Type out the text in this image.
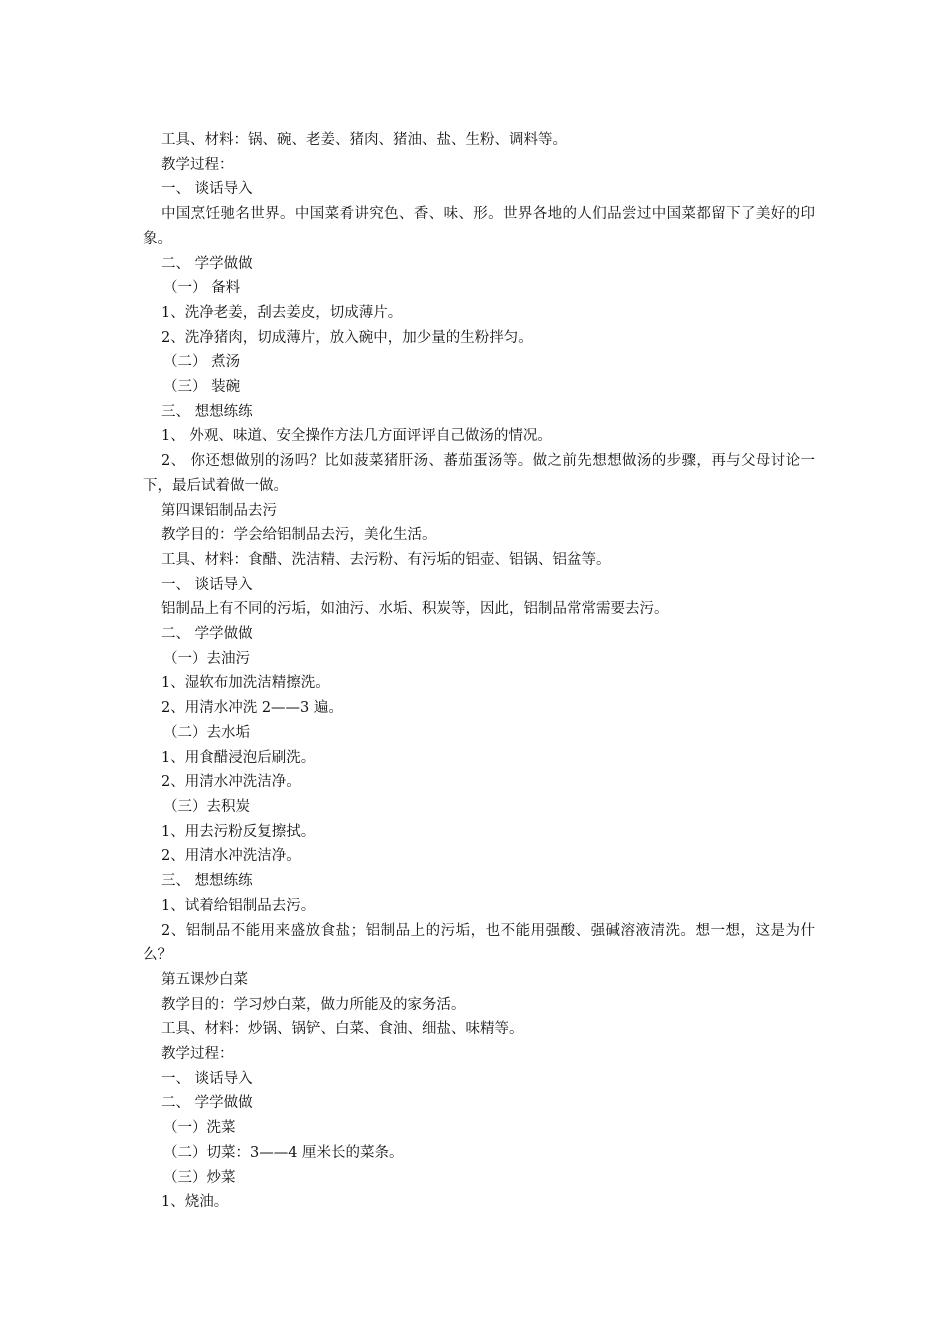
工具、材料：锅、碗、老姜、猪肉、猪油、盐、生粉、调料等。

教学过程：

一、 谈话导入

中国烹饪驰名世界。中国菜肴讲究色、香、味、形。世界各地的人们品尝过中国菜都留下了美好的印象。

二、 学学做做

（一） 备料

1、洗净老姜，刮去姜皮，切成薄片。

2、洗净猪肉，切成薄片，放入碗中，加少量的生粉拌匀。

（二） 煮汤

（三） 装碗

三、 想想练练

1、 外观、味道、安全操作方法几方面评评自己做汤的情况。

2、 你还想做别的汤吗？比如菠菜猪肝汤、蕃茄蛋汤等。做之前先想想做汤的步骤，再与父母讨论一下，最后试着做一做。

第四课铝制品去污

教学目的：学会给铝制品去污，美化生活。

工具、材料：食醋、洗洁精、去污粉、有污垢的铝壶、铝锅、铝盆等。

一、 谈话导入

铝制品上有不同的污垢，如油污、水垢、积炭等，因此，铝制品常常需要去污。

二、 学学做做

（一）去油污

1、湿软布加洗洁精擦洗。

2、用清水冲洗 2——3 遍。

（二）去水垢

1、用食醋浸泡后刷洗。

2、用清水冲洗洁净。

（三）去积炭

1、用去污粉反复擦拭。

2、用清水冲洗洁净。

三、 想想练练

1、试着给铝制品去污。

2、铝制品不能用来盛放食盐；铝制品上的污垢，也不能用强酸、强碱溶液清洗。想一想，这是为什么？

第五课炒白菜

教学目的：学习炒白菜，做力所能及的家务活。

工具、材料：炒锅、锅铲、白菜、食油、细盐、味精等。

教学过程：

一、 谈话导入

二、 学学做做

（一）洗菜

（二）切菜：3——4 厘米长的菜条。

（三）炒菜

1、烧油。
